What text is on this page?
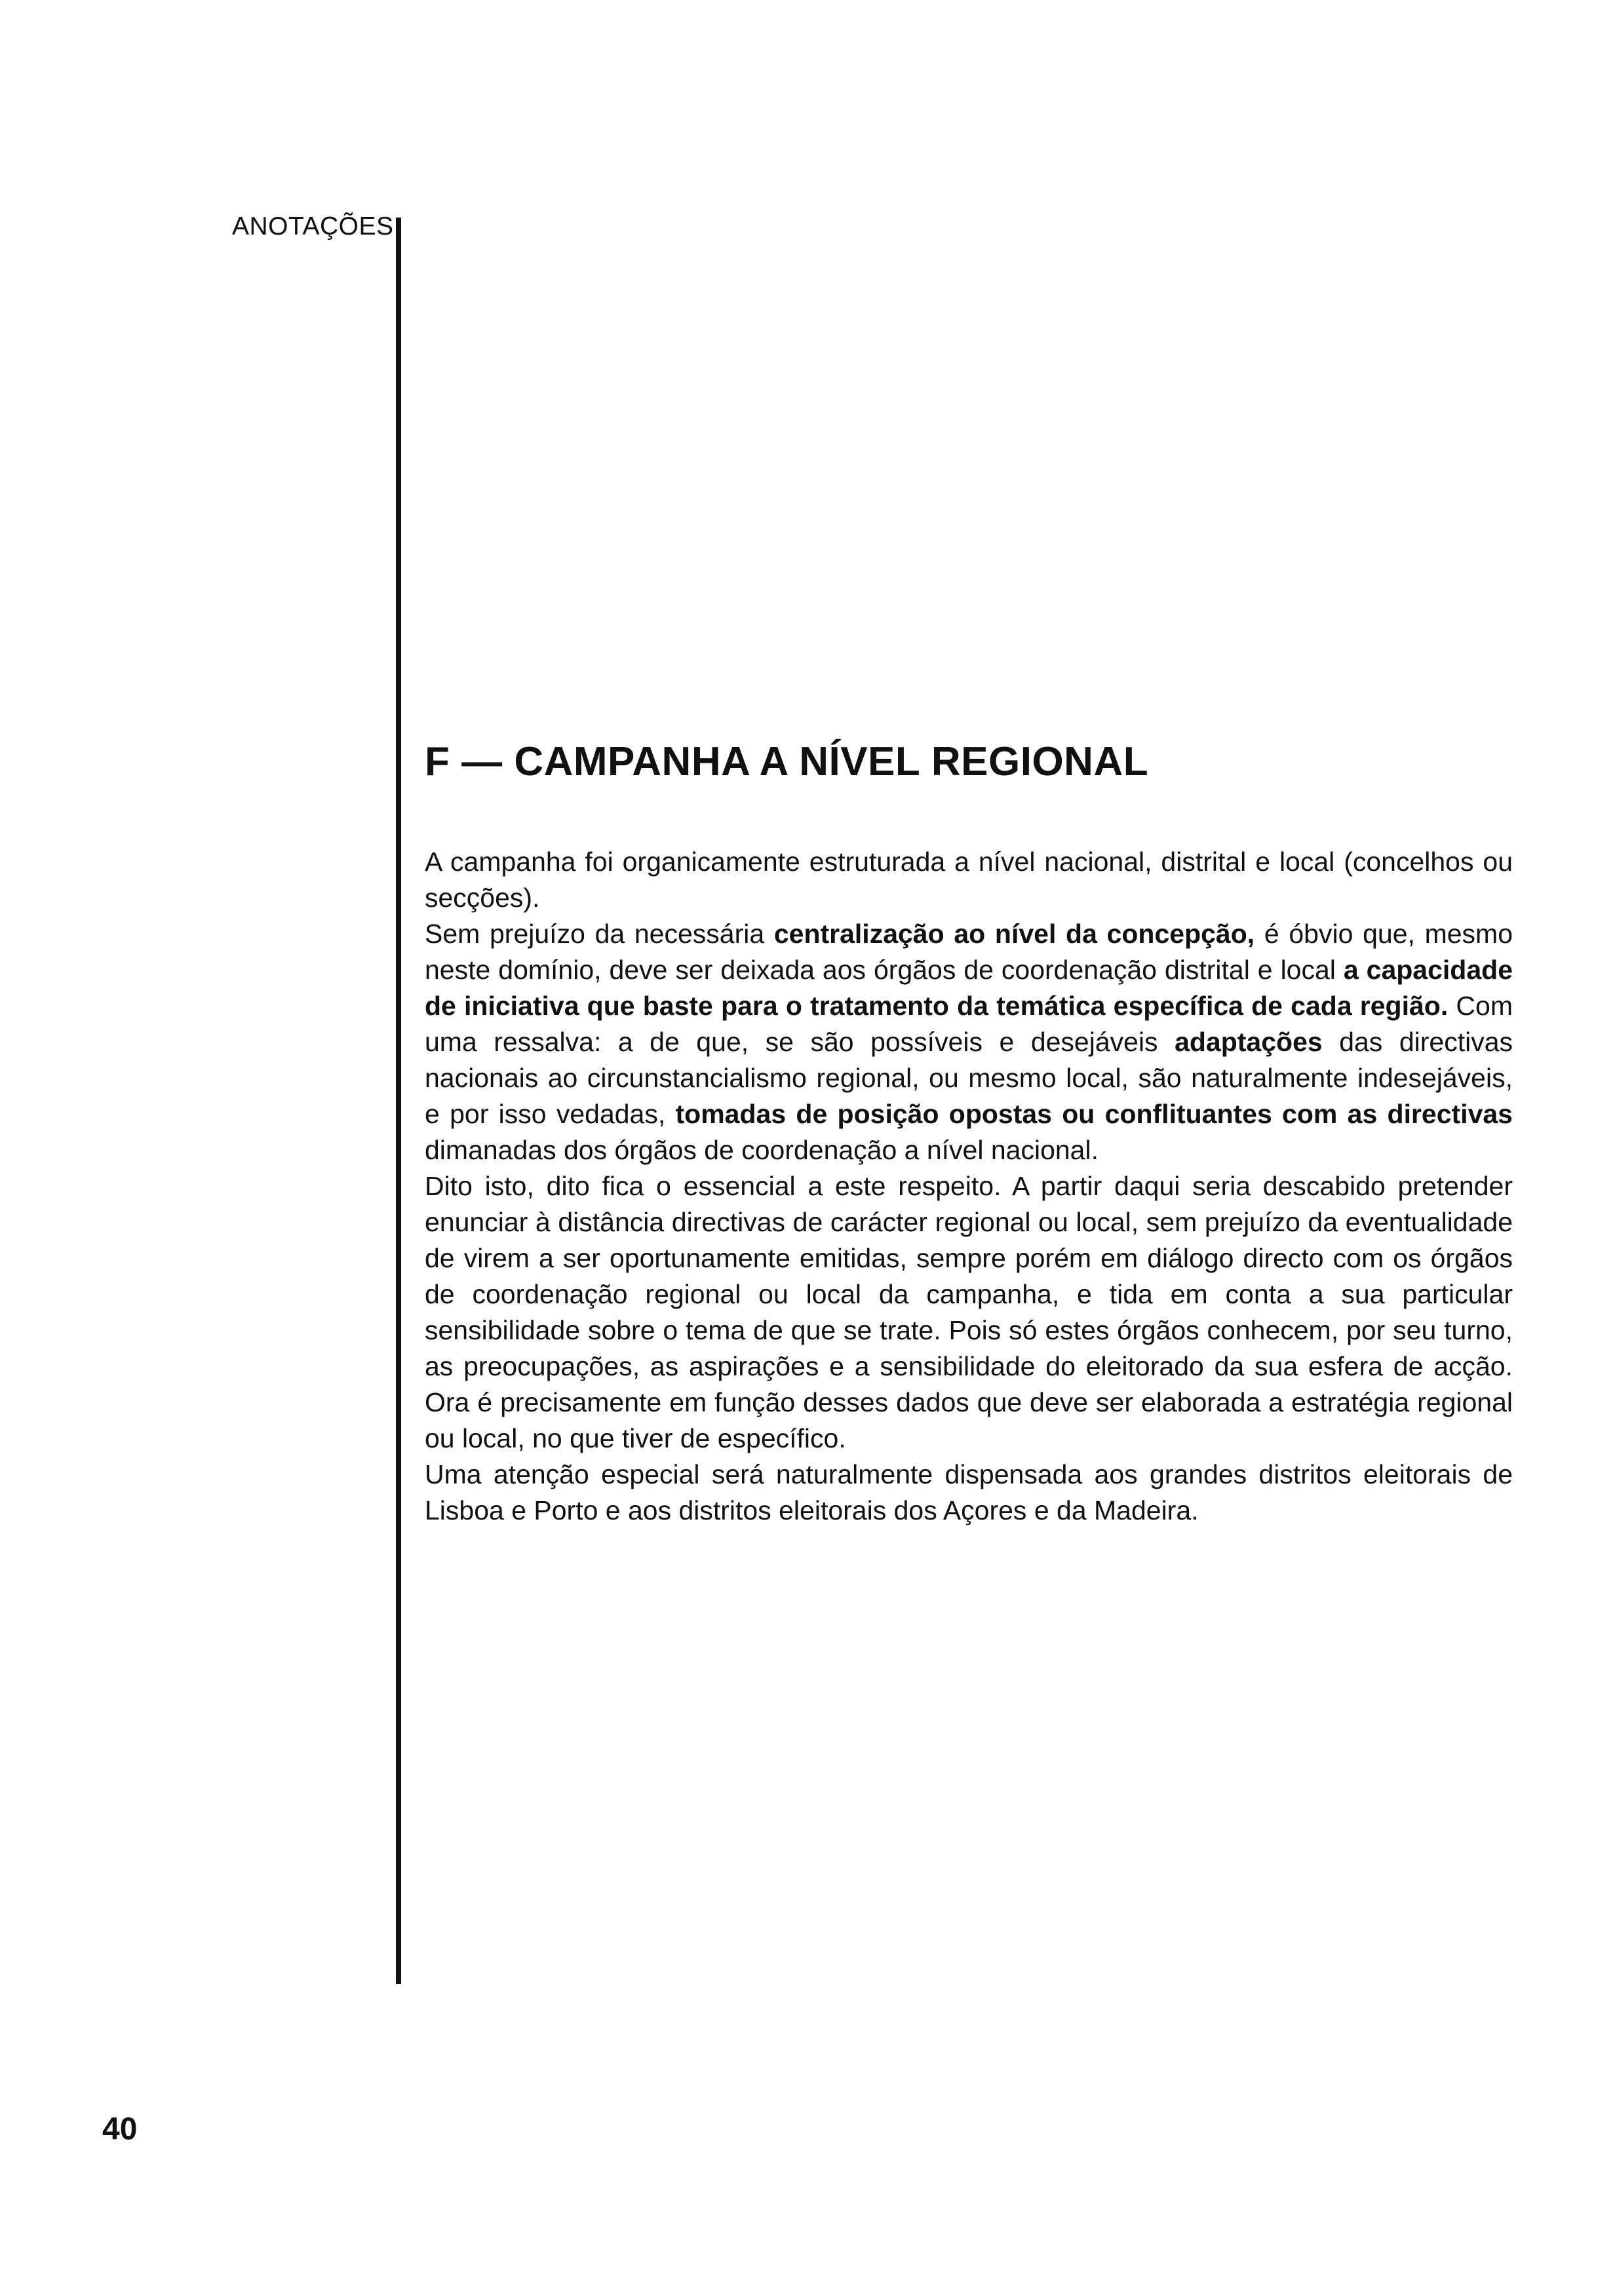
ANOTAÇÕES
F — CAMPANHA A NÍVEL REGIONAL

A campanha foi organicamente estruturada a nível nacional, distrital e local (concelhos ou secções).

Sem prejuízo da necessária centralização ao nível da concepção, é óbvio que, mesmo neste domínio, deve ser deixada aos órgãos de coordenação distrital e local a capacidade de iniciativa que baste para o tratamento da temática específica de cada região. Com uma ressalva: a de que, se são possíveis e desejáveis adaptações das directivas nacionais ao circunstancialismo regional, ou mesmo local, são naturalmente indesejáveis, e por isso vedadas, tomadas de posição opostas ou conflituantes com as directivas dimanadas dos órgãos de coordenação a nível nacional.

Dito isto, dito fica o essencial a este respeito. A partir daqui seria descabido pretender enunciar à distância directivas de carácter regional ou local, sem prejuízo da eventualidade de virem a ser oportunamente emitidas, sempre porém em diálogo directo com os órgãos de coordenação regional ou local da campanha, e tida em conta a sua particular sensibilidade sobre o tema de que se trate. Pois só estes órgãos conhecem, por seu turno, as preocupações, as aspirações e a sensibilidade do eleitorado da sua esfera de acção. Ora é precisamente em função desses dados que deve ser elaborada a estratégia regional ou local, no que tiver de específico.

Uma atenção especial será naturalmente dispensada aos grandes distritos eleitorais de Lisboa e Porto e aos distritos eleitorais dos Açores e da Madeira.

40
